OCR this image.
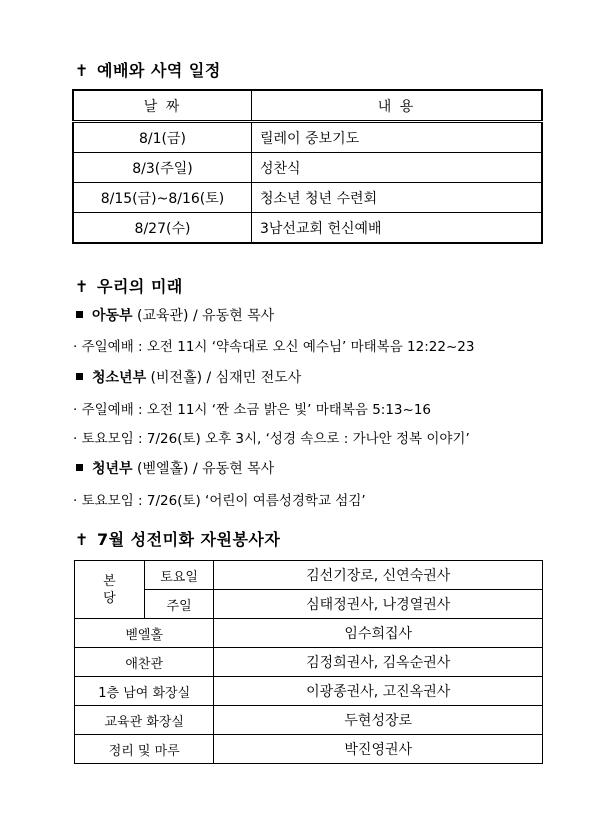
✝ 예배와 사역 일정
날 짜	내 용
8/1(금)	릴레이 중보기도
8/3(주일)	성찬식
8/15(금)~8/16(토)	청소년 청년 수련회
8/27(수)	3남선교회 헌신예배
✝ 우리의 미래
아동부 (교육관) / 유동현 목사
· 주일예배 : 오전 11시 ‘약속대로 오신 예수님’ 마태복음 12:22~23
청소년부 (비전홀) / 심재민 전도사
· 주일예배 : 오전 11시 ‘짠 소금 밝은 빛’ 마태복음 5:13~16
· 토요모임 : 7/26(토) 오후 3시, ‘성경 속으로 : 가나안 정복 이야기’
청년부 (벧엘홀) / 유동현 목사
· 토요모임 : 7/26(토) ‘어린이 여름성경학교 섬김’
✝ 7월 성전미화 자원봉사자
본
당	토요일	김선기장로, 신연숙권사
	주일	심태정권사, 나경열권사
벧엘홀		임수희집사
애찬관		김정희권사, 김옥순권사
1층 남여 화장실		이광종권사, 고진옥권사
교육관 화장실		두현성장로
정리 및 마루		박진영권사
